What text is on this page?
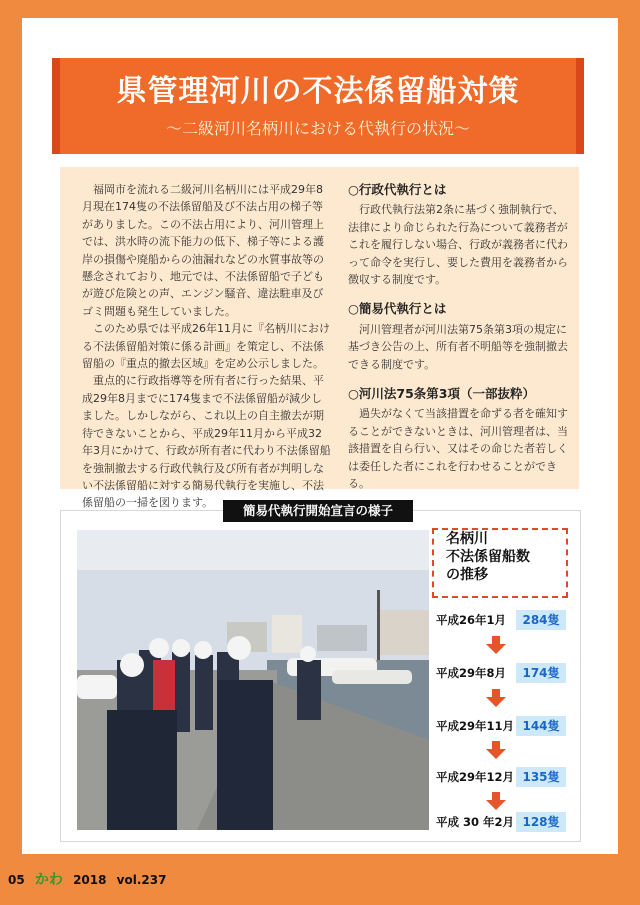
県管理河川の不法係留船対策
〜二級河川名柄川における代執行の状況〜

福岡市を流れる二級河川名柄川には平成29年8月現在174隻の不法係留船及び不法占用の梯子等がありました。この不法占用により、河川管理上では、洪水時の流下能力の低下、梯子等による護岸の損傷や廃船からの油漏れなどの水質事故等の懸念されており、地元では、不法係留船で子どもが遊び危険との声、エンジン騒音、違法駐車及びゴミ問題も発生していました。

このため県では平成26年11月に『名柄川における不法係留船対策に係る計画』を策定し、不法係留船の『重点的撤去区域』を定め公示しました。

重点的に行政指導等を所有者に行った結果、平成29年8月までに174隻まで不法係留船が減少しました。しかしながら、これ以上の自主撤去が期待できないことから、平成29年11月から平成32年3月にかけて、行政が所有者に代わり不法係留船を強制撤去する行政代執行及び所有者が判明しない不法係留船に対する簡易代執行を実施し、不法係留船の一掃を図ります。

○行政代執行とは
行政代執行法第2条に基づく強制執行で、法律により命じられた行為について義務者がこれを履行しない場合、行政が義務者に代わって命令を実行し、要した費用を義務者から徴収する制度です。
○簡易代執行とは
河川管理者が河川法第75条第3項の規定に基づき公告の上、所有者不明船等を強制撤去できる制度です。
○河川法75条第3項（一部抜粋）
過失がなくて当該措置を命ずる者を確知することができないときは、河川管理者は、当該措置を自ら行い、又はその命じた者若しくは委任した者にこれを行わせることができる。
簡易代執行開始宣言の様子
名柄川
不法係留船数
の推移
平成26年1月	284隻
平成29年8月	174隻
平成29年11月 144隻
平成29年12月 135隻
平成 30 年2月 128隻
05 かわ 2018 vol.237
